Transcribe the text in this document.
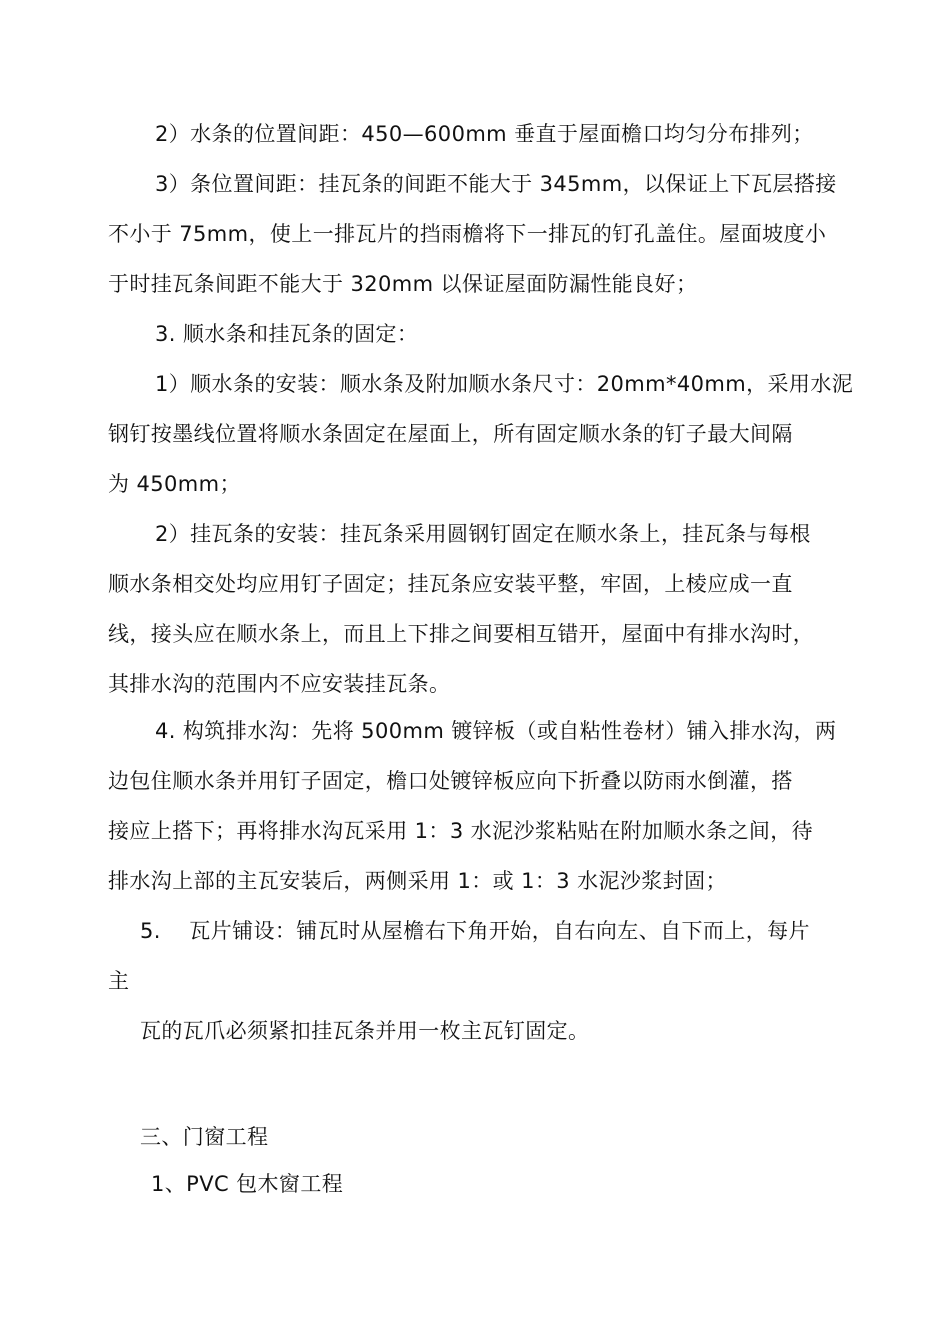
2）水条的位置间距：450—600mm 垂直于屋面檐口均匀分布排列；
3）条位置间距：挂瓦条的间距不能大于 345mm，以保证上下瓦层搭接
不小于 75mm，使上一排瓦片的挡雨檐将下一排瓦的钉孔盖住。屋面坡度小
于时挂瓦条间距不能大于 320mm 以保证屋面防漏性能良好；
3. 顺水条和挂瓦条的固定：
1）顺水条的安装：顺水条及附加顺水条尺寸：20mm*40mm，采用水泥
钢钉按墨线位置将顺水条固定在屋面上，所有固定顺水条的钉子最大间隔
为 450mm；
2）挂瓦条的安装：挂瓦条采用圆钢钉固定在顺水条上，挂瓦条与每根
顺水条相交处均应用钉子固定；挂瓦条应安装平整，牢固，上棱应成一直
线，接头应在顺水条上，而且上下排之间要相互错开，屋面中有排水沟时，
其排水沟的范围内不应安装挂瓦条。
4. 构筑排水沟：先将 500mm 镀锌板（或自粘性卷材）铺入排水沟，两
边包住顺水条并用钉子固定，檐口处镀锌板应向下折叠以防雨水倒灌，搭
接应上搭下；再将排水沟瓦采用 1：3 水泥沙浆粘贴在附加顺水条之间，待
排水沟上部的主瓦安装后，两侧采用 1：或 1：3 水泥沙浆封固；
5.　 瓦片铺设：铺瓦时从屋檐右下角开始，自右向左、自下而上，每片
主
瓦的瓦爪必须紧扣挂瓦条并用一枚主瓦钉固定。
三、门窗工程
1、PVC 包木窗工程
